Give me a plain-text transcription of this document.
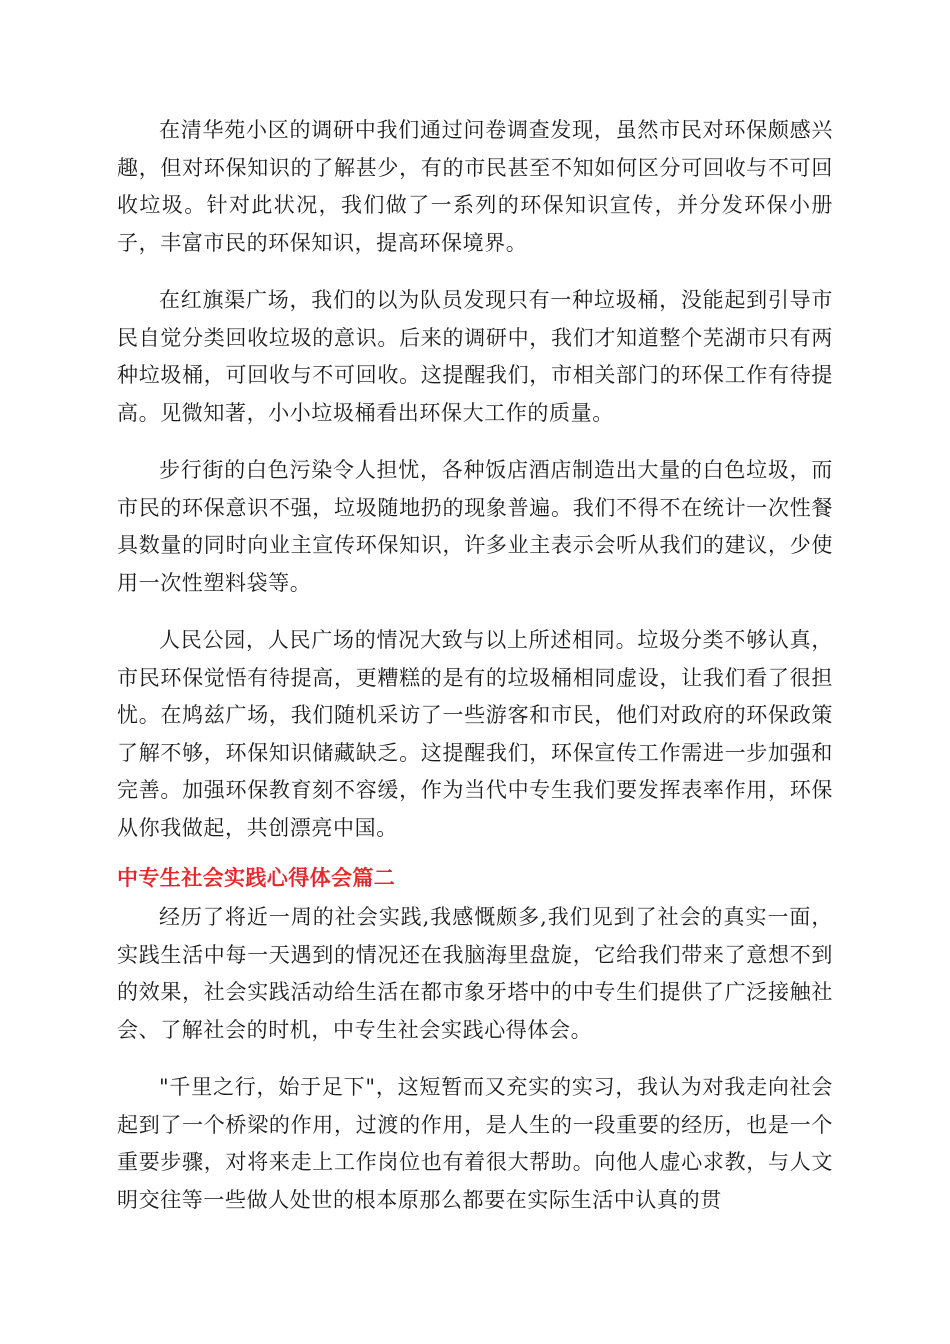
在清华苑小区的调研中我们通过问卷调查发现，虽然市民对环保颇感兴趣，但对环保知识的了解甚少，有的市民甚至不知如何区分可回收与不可回收垃圾。针对此状况，我们做了一系列的环保知识宣传，并分发环保小册子，丰富市民的环保知识，提高环保境界。

在红旗渠广场，我们的以为队员发现只有一种垃圾桶，没能起到引导市民自觉分类回收垃圾的意识。后来的调研中，我们才知道整个芜湖市只有两种垃圾桶，可回收与不可回收。这提醒我们，市相关部门的环保工作有待提高。见微知著，小小垃圾桶看出环保大工作的质量。

步行街的白色污染令人担忧，各种饭店酒店制造出大量的白色垃圾，而市民的环保意识不强，垃圾随地扔的现象普遍。我们不得不在统计一次性餐具数量的同时向业主宣传环保知识，许多业主表示会听从我们的建议，少使用一次性塑料袋等。

人民公园，人民广场的情况大致与以上所述相同。垃圾分类不够认真，市民环保觉悟有待提高，更糟糕的是有的垃圾桶相同虚设，让我们看了很担忧。在鸠兹广场，我们随机采访了一些游客和市民，他们对政府的环保政策了解不够，环保知识储藏缺乏。这提醒我们，环保宣传工作需进一步加强和完善。加强环保教育刻不容缓，作为当代中专生我们要发挥表率作用，环保从你我做起，共创漂亮中国。

中专生社会实践心得体会篇二

经历了将近一周的社会实践,我感慨颇多,我们见到了社会的真实一面，实践生活中每一天遇到的情况还在我脑海里盘旋，它给我们带来了意想不到的效果，社会实践活动给生活在都市象牙塔中的中专生们提供了广泛接触社会、了解社会的时机，中专生社会实践心得体会。

"千里之行，始于足下"，这短暂而又充实的实习，我认为对我走向社会起到了一个桥梁的作用，过渡的作用，是人生的一段重要的经历，也是一个重要步骤，对将来走上工作岗位也有着很大帮助。向他人虚心求教，与人文明交往等一些做人处世的根本原那么都要在实际生活中认真的贯
